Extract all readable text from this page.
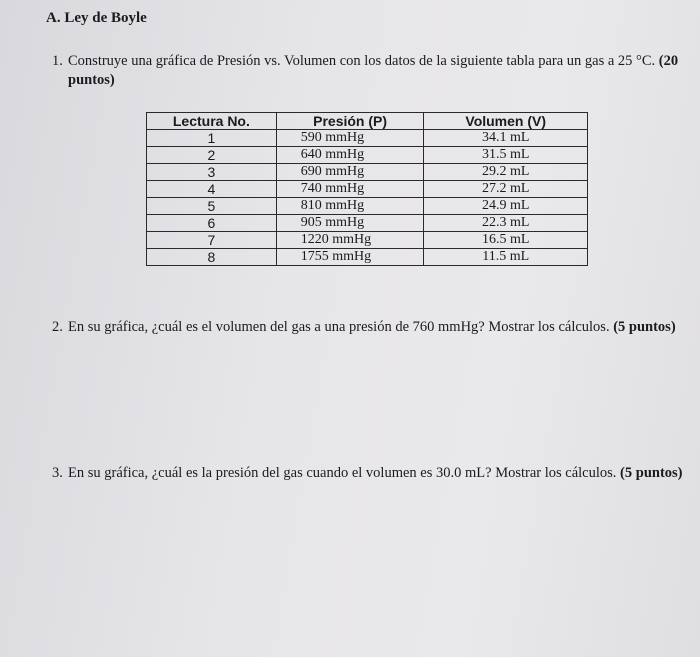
A. Ley de Boyle
1. Construye una gráfica de Presión vs. Volumen con los datos de la siguiente tabla para un gas a 25 °C. (20 puntos)
Lectura No.	Presión (P)	Volumen (V)
1	590 mmHg	34.1 mL
2	640 mmHg	31.5 mL
3	690 mmHg	29.2 mL
4	740 mmHg	27.2 mL
5	810 mmHg	24.9 mL
6	905 mmHg	22.3 mL
7	1220 mmHg	16.5 mL
8	1755 mmHg	11.5 mL
2. En su gráfica, ¿cuál es el volumen del gas a una presión de 760 mmHg? Mostrar los cálculos. (5 puntos)
3. En su gráfica, ¿cuál es la presión del gas cuando el volumen es 30.0 mL? Mostrar los cálculos. (5 puntos)
